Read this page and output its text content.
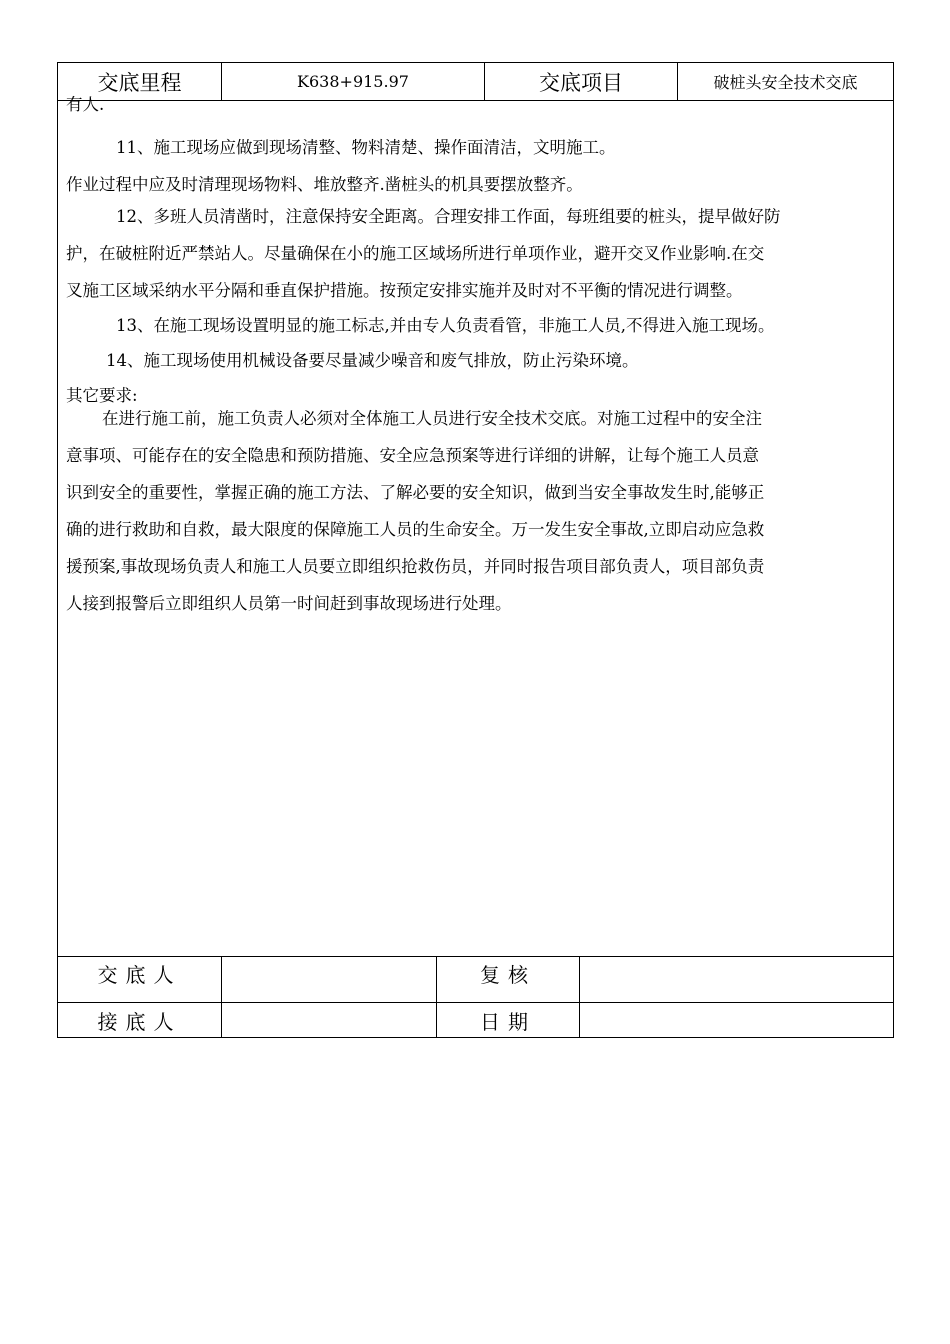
交底里程	K638+915.97	交底项目	破桩头安全技术交底
有人.
11、施工现场应做到现场清整、物料清楚、操作面清洁，文明施工。
作业过程中应及时清理现场物料、堆放整齐.凿桩头的机具要摆放整齐。
12、多班人员清凿时，注意保持安全距离。合理安排工作面，每班组要的桩头，提早做好防
护，在破桩附近严禁站人。尽量确保在小的施工区域场所进行单项作业，避开交叉作业影响.在交
叉施工区域采纳水平分隔和垂直保护措施。按预定安排实施并及时对不平衡的情况进行调整。
13、在施工现场设置明显的施工标志,并由专人负责看管，非施工人员,不得进入施工现场。
14、施工现场使用机械设备要尽量减少噪音和废气排放，防止污染环境。
其它要求:
在进行施工前，施工负责人必须对全体施工人员进行安全技术交底。对施工过程中的安全注
意事项、可能存在的安全隐患和预防措施、安全应急预案等进行详细的讲解，让每个施工人员意
识到安全的重要性，掌握正确的施工方法、了解必要的安全知识，做到当安全事故发生时,能够正
确的进行救助和自救，最大限度的保障施工人员的生命安全。万一发生安全事故,立即启动应急救
援预案,事故现场负责人和施工人员要立即组织抢救伤员，并同时报告项目部负责人，项目部负责
人接到报警后立即组织人员第一时间赶到事故现场进行处理。
交底人	复核
接底人	日期
